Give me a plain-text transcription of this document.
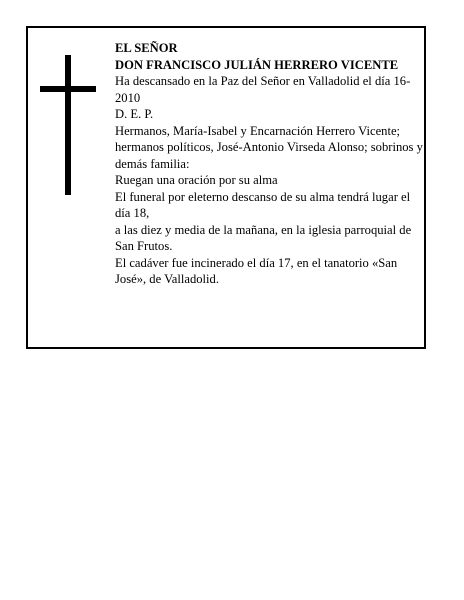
EL SEÑOR

DON FRANCISCO JULIÁN HERRERO VICENTE

Ha descansado en la Paz del Señor en Valladolid el día 16-2010

D. E. P.

Hermanos, María-Isabel y Encarnación Herrero Vicente; hermanos políticos, José-Antonio Virseda Alonso; sobrinos y demás familia:

Ruegan una oración por su alma

El funeral por eleterno descanso de su alma tendrá lugar el día 18,

a las diez y media de la mañana, en la iglesia parroquial de San Frutos.

El cadáver fue incinerado el día 17, en el tanatorio «San José», de Valladolid.
